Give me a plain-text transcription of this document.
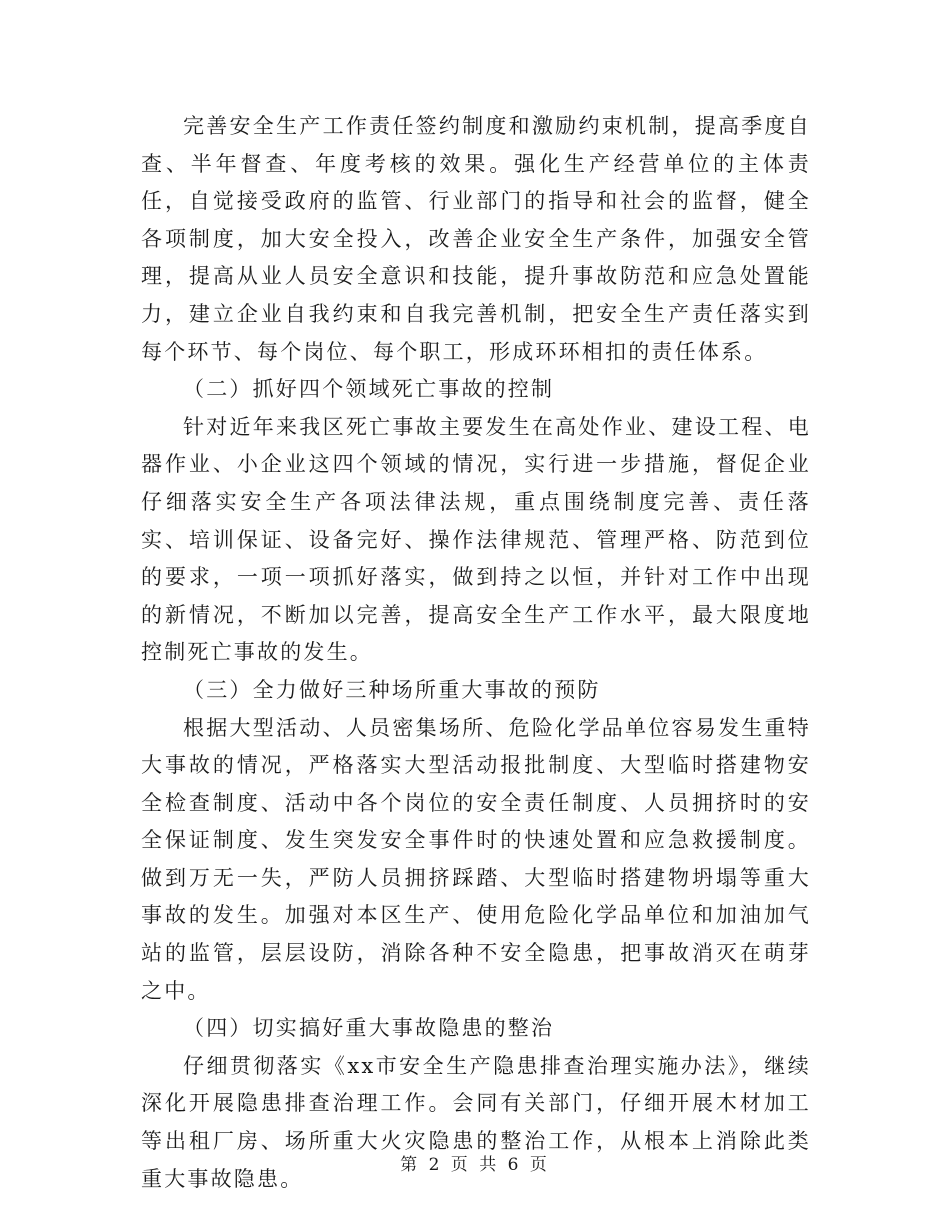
完善安全生产工作责任签约制度和激励约束机制，提高季度自查、半年督查、年度考核的效果。强化生产经营单位的主体责任，自觉接受政府的监管、行业部门的指导和社会的监督，健全各项制度，加大安全投入，改善企业安全生产条件，加强安全管理，提高从业人员安全意识和技能，提升事故防范和应急处置能力，建立企业自我约束和自我完善机制，把安全生产责任落实到每个环节、每个岗位、每个职工，形成环环相扣的责任体系。

（二）抓好四个领域死亡事故的控制

针对近年来我区死亡事故主要发生在高处作业、建设工程、电器作业、小企业这四个领域的情况，实行进一步措施，督促企业仔细落实安全生产各项法律法规，重点围绕制度完善、责任落实、培训保证、设备完好、操作法律规范、管理严格、防范到位的要求，一项一项抓好落实，做到持之以恒，并针对工作中出现的新情况，不断加以完善，提高安全生产工作水平，最大限度地控制死亡事故的发生。

（三）全力做好三种场所重大事故的预防

根据大型活动、人员密集场所、危险化学品单位容易发生重特大事故的情况，严格落实大型活动报批制度、大型临时搭建物安全检查制度、活动中各个岗位的安全责任制度、人员拥挤时的安全保证制度、发生突发安全事件时的快速处置和应急救援制度。做到万无一失，严防人员拥挤踩踏、大型临时搭建物坍塌等重大事故的发生。加强对本区生产、使用危险化学品单位和加油加气站的监管，层层设防，消除各种不安全隐患，把事故消灭在萌芽之中。

（四）切实搞好重大事故隐患的整治

仔细贯彻落实《xx市安全生产隐患排查治理实施办法》，继续深化开展隐患排查治理工作。会同有关部门，仔细开展木材加工等出租厂房、场所重大火灾隐患的整治工作，从根本上消除此类重大事故隐患。

第 2 页 共 6 页
